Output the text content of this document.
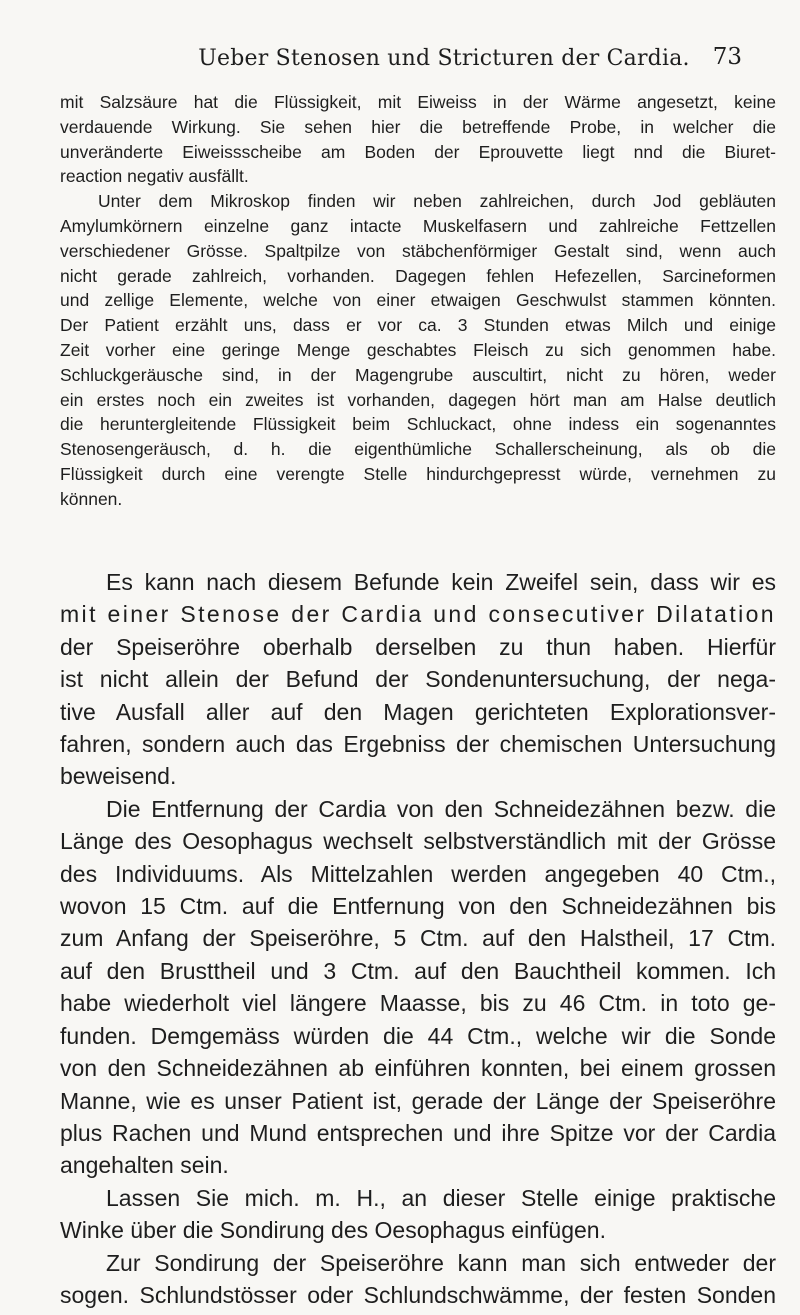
Ueber Stenosen und Stricturen der Cardia.	73
mit Salzsäure hat die Flüssigkeit, mit Eiweiss in der Wärme angesetzt, keine
verdauende Wirkung. Sie sehen hier die betreffende Probe, in welcher die
unveränderte Eiweissscheibe am Boden der Eprouvette liegt nnd die Biuret-
reaction negativ ausfällt.
Unter dem Mikroskop finden wir neben zahlreichen, durch Jod gebläuten
Amylumkörnern einzelne ganz intacte Muskelfasern und zahlreiche Fettzellen
verschiedener Grösse. Spaltpilze von stäbchenförmiger Gestalt sind, wenn auch
nicht gerade zahlreich, vorhanden. Dagegen fehlen Hefezellen, Sarcineformen
und zellige Elemente, welche von einer etwaigen Geschwulst stammen könnten.
Der Patient erzählt uns, dass er vor ca. 3 Stunden etwas Milch und einige
Zeit vorher eine geringe Menge geschabtes Fleisch zu sich genommen habe.
Schluckgeräusche sind, in der Magengrube auscultirt, nicht zu hören, weder
ein erstes noch ein zweites ist vorhanden, dagegen hört man am Halse deutlich
die heruntergleitende Flüssigkeit beim Schluckact, ohne indess ein sogenanntes
Stenosengeräusch, d. h. die eigenthümliche Schallerscheinung, als ob die
Flüssigkeit durch eine verengte Stelle hindurchgepresst würde, vernehmen zu
können.
Es kann nach diesem Befunde kein Zweifel sein, dass wir es
mit einer Stenose der Cardia und consecutiver Dilatation
der Speiseröhre oberhalb derselben zu thun haben. Hierfür
ist nicht allein der Befund der Sondenuntersuchung, der nega-
tive Ausfall aller auf den Magen gerichteten Explorationsver-
fahren, sondern auch das Ergebniss der chemischen Untersuchung
beweisend.
Die Entfernung der Cardia von den Schneidezähnen bezw. die
Länge des Oesophagus wechselt selbstverständlich mit der Grösse
des Individuums. Als Mittelzahlen werden angegeben 40 Ctm.,
wovon 15 Ctm. auf die Entfernung von den Schneidezähnen bis
zum Anfang der Speiseröhre, 5 Ctm. auf den Halstheil, 17 Ctm.
auf den Brusttheil und 3 Ctm. auf den Bauchtheil kommen. Ich
habe wiederholt viel längere Maasse, bis zu 46 Ctm. in toto ge-
funden. Demgemäss würden die 44 Ctm., welche wir die Sonde
von den Schneidezähnen ab einführen konnten, bei einem grossen
Manne, wie es unser Patient ist, gerade der Länge der Speiseröhre
plus Rachen und Mund entsprechen und ihre Spitze vor der Cardia
angehalten sein.
Lassen Sie mich. m. H., an dieser Stelle einige praktische
Winke über die Sondirung des Oesophagus einfügen.
Zur Sondirung der Speiseröhre kann man sich entweder der
sogen. Schlundstösser oder Schlundschwämme, der festen Sonden
